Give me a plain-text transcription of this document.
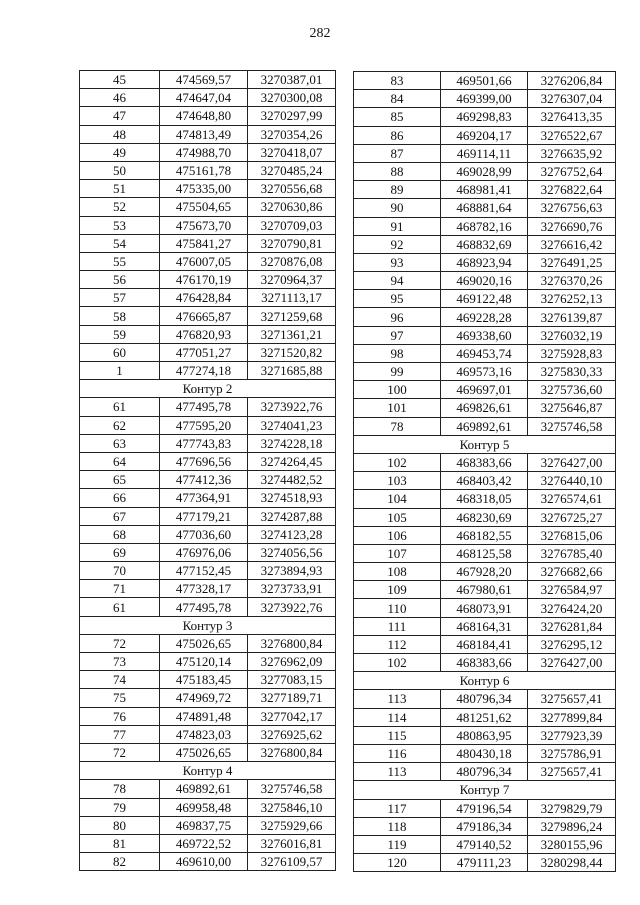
282
45	474569,57	3270387,01
46	474647,04	3270300,08
47	474648,80	3270297,99
48	474813,49	3270354,26
49	474988,70	3270418,07
50	475161,78	3270485,24
51	475335,00	3270556,68
52	475504,65	3270630,86
53	475673,70	3270709,03
54	475841,27	3270790,81
55	476007,05	3270876,08
56	476170,19	3270964,37
57	476428,84	3271113,17
58	476665,87	3271259,68
59	476820,93	3271361,21
60	477051,27	3271520,82
1	477274,18	3271685,88
Контур 2		
61	477495,78	3273922,76
62	477595,20	3274041,23
63	477743,83	3274228,18
64	477696,56	3274264,45
65	477412,36	3274482,52
66	477364,91	3274518,93
67	477179,21	3274287,88
68	477036,60	3274123,28
69	476976,06	3274056,56
70	477152,45	3273894,93
71	477328,17	3273733,91
61	477495,78	3273922,76
Контур 3		
72	475026,65	3276800,84
73	475120,14	3276962,09
74	475183,45	3277083,15
75	474969,72	3277189,71
76	474891,48	3277042,17
77	474823,03	3276925,62
72	475026,65	3276800,84
Контур 4		
78	469892,61	3275746,58
79	469958,48	3275846,10
80	469837,75	3275929,66
81	469722,52	3276016,81
82	469610,00	3276109,57
83	469501,66	3276206,84
84	469399,00	3276307,04
85	469298,83	3276413,35
86	469204,17	3276522,67
87	469114,11	3276635,92
88	469028,99	3276752,64
89	468981,41	3276822,64
90	468881,64	3276756,63
91	468782,16	3276690,76
92	468832,69	3276616,42
93	468923,94	3276491,25
94	469020,16	3276370,26
95	469122,48	3276252,13
96	469228,28	3276139,87
97	469338,60	3276032,19
98	469453,74	3275928,83
99	469573,16	3275830,33
100	469697,01	3275736,60
101	469826,61	3275646,87
78	469892,61	3275746,58
Контур 5		
102	468383,66	3276427,00
103	468403,42	3276440,10
104	468318,05	3276574,61
105	468230,69	3276725,27
106	468182,55	3276815,06
107	468125,58	3276785,40
108	467928,20	3276682,66
109	467980,61	3276584,97
110	468073,91	3276424,20
111	468164,31	3276281,84
112	468184,41	3276295,12
102	468383,66	3276427,00
Контур 6		
113	480796,34	3275657,41
114	481251,62	3277899,84
115	480863,95	3277923,39
116	480430,18	3275786,91
113	480796,34	3275657,41
Контур 7		
117	479196,54	3279829,79
118	479186,34	3279896,24
119	479140,52	3280155,96
120	479111,23	3280298,44
